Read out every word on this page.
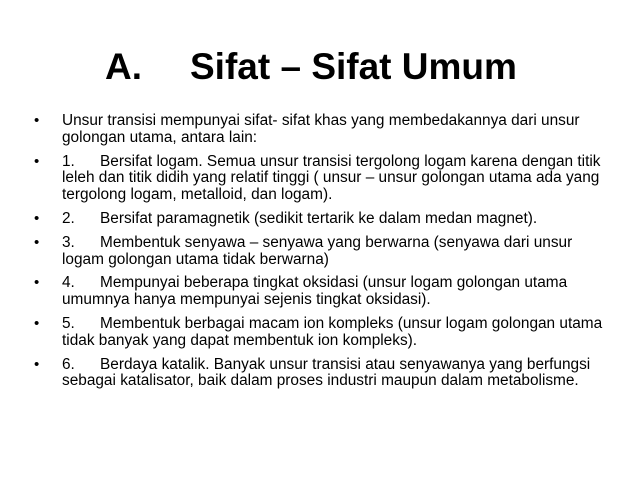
A. Sifat – Sifat Umum
• Unsur transisi mempunyai sifat- sifat khas yang membedakannya dari unsur golongan utama, antara lain:
• 1. Bersifat logam. Semua unsur transisi tergolong logam karena dengan titik leleh dan titik didih yang relatif tinggi ( unsur – unsur golongan utama ada yang tergolong logam, metalloid, dan logam).
• 2. Bersifat paramagnetik (sedikit tertarik ke dalam medan magnet).
• 3. Membentuk senyawa – senyawa yang berwarna (senyawa dari unsur logam golongan utama tidak berwarna)
• 4. Mempunyai beberapa tingkat oksidasi (unsur logam golongan utama umumnya hanya mempunyai sejenis tingkat oksidasi).
• 5. Membentuk berbagai macam ion kompleks (unsur logam golongan utama tidak banyak yang dapat membentuk ion kompleks).
• 6. Berdaya katalik. Banyak unsur transisi atau senyawanya yang berfungsi sebagai katalisator, baik dalam proses industri maupun dalam metabolisme.
